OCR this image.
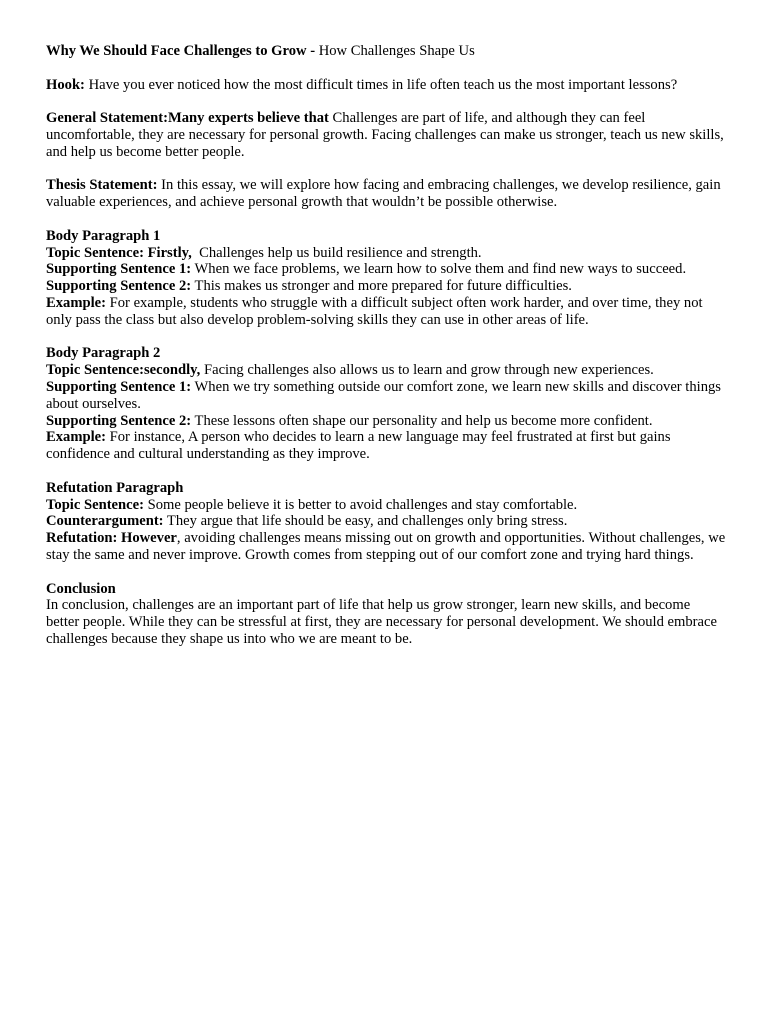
Why We Should Face Challenges to Grow - How Challenges Shape Us

Hook: Have you ever noticed how the most difficult times in life often teach us the most important lessons?

General Statement:Many experts believe that Challenges are part of life, and although they can feel uncomfortable, they are necessary for personal growth. Facing challenges can make us stronger, teach us new skills, and help us become better people.

Thesis Statement: In this essay, we will explore how facing and embracing challenges, we develop resilience, gain valuable experiences, and achieve personal growth that wouldn’t be possible otherwise.

Body Paragraph 1
Topic Sentence: Firstly,  Challenges help us build resilience and strength.
Supporting Sentence 1: When we face problems, we learn how to solve them and find new ways to succeed.
Supporting Sentence 2: This makes us stronger and more prepared for future difficulties.
Example: For example, students who struggle with a difficult subject often work harder, and over time, they not only pass the class but also develop problem-solving skills they can use in other areas of life.
Body Paragraph 2
Topic Sentence:secondly, Facing challenges also allows us to learn and grow through new experiences.
Supporting Sentence 1: When we try something outside our comfort zone, we learn new skills and discover things about ourselves.
Supporting Sentence 2: These lessons often shape our personality and help us become more confident.
Example: For instance, A person who decides to learn a new language may feel frustrated at first but gains confidence and cultural understanding as they improve.
Refutation Paragraph
Topic Sentence: Some people believe it is better to avoid challenges and stay comfortable.
Counterargument: They argue that life should be easy, and challenges only bring stress.
Refutation: However, avoiding challenges means missing out on growth and opportunities. Without challenges, we stay the same and never improve. Growth comes from stepping out of our comfort zone and trying hard things.
Conclusion
In conclusion, challenges are an important part of life that help us grow stronger, learn new skills, and become better people. While they can be stressful at first, they are necessary for personal development. We should embrace challenges because they shape us into who we are meant to be.
